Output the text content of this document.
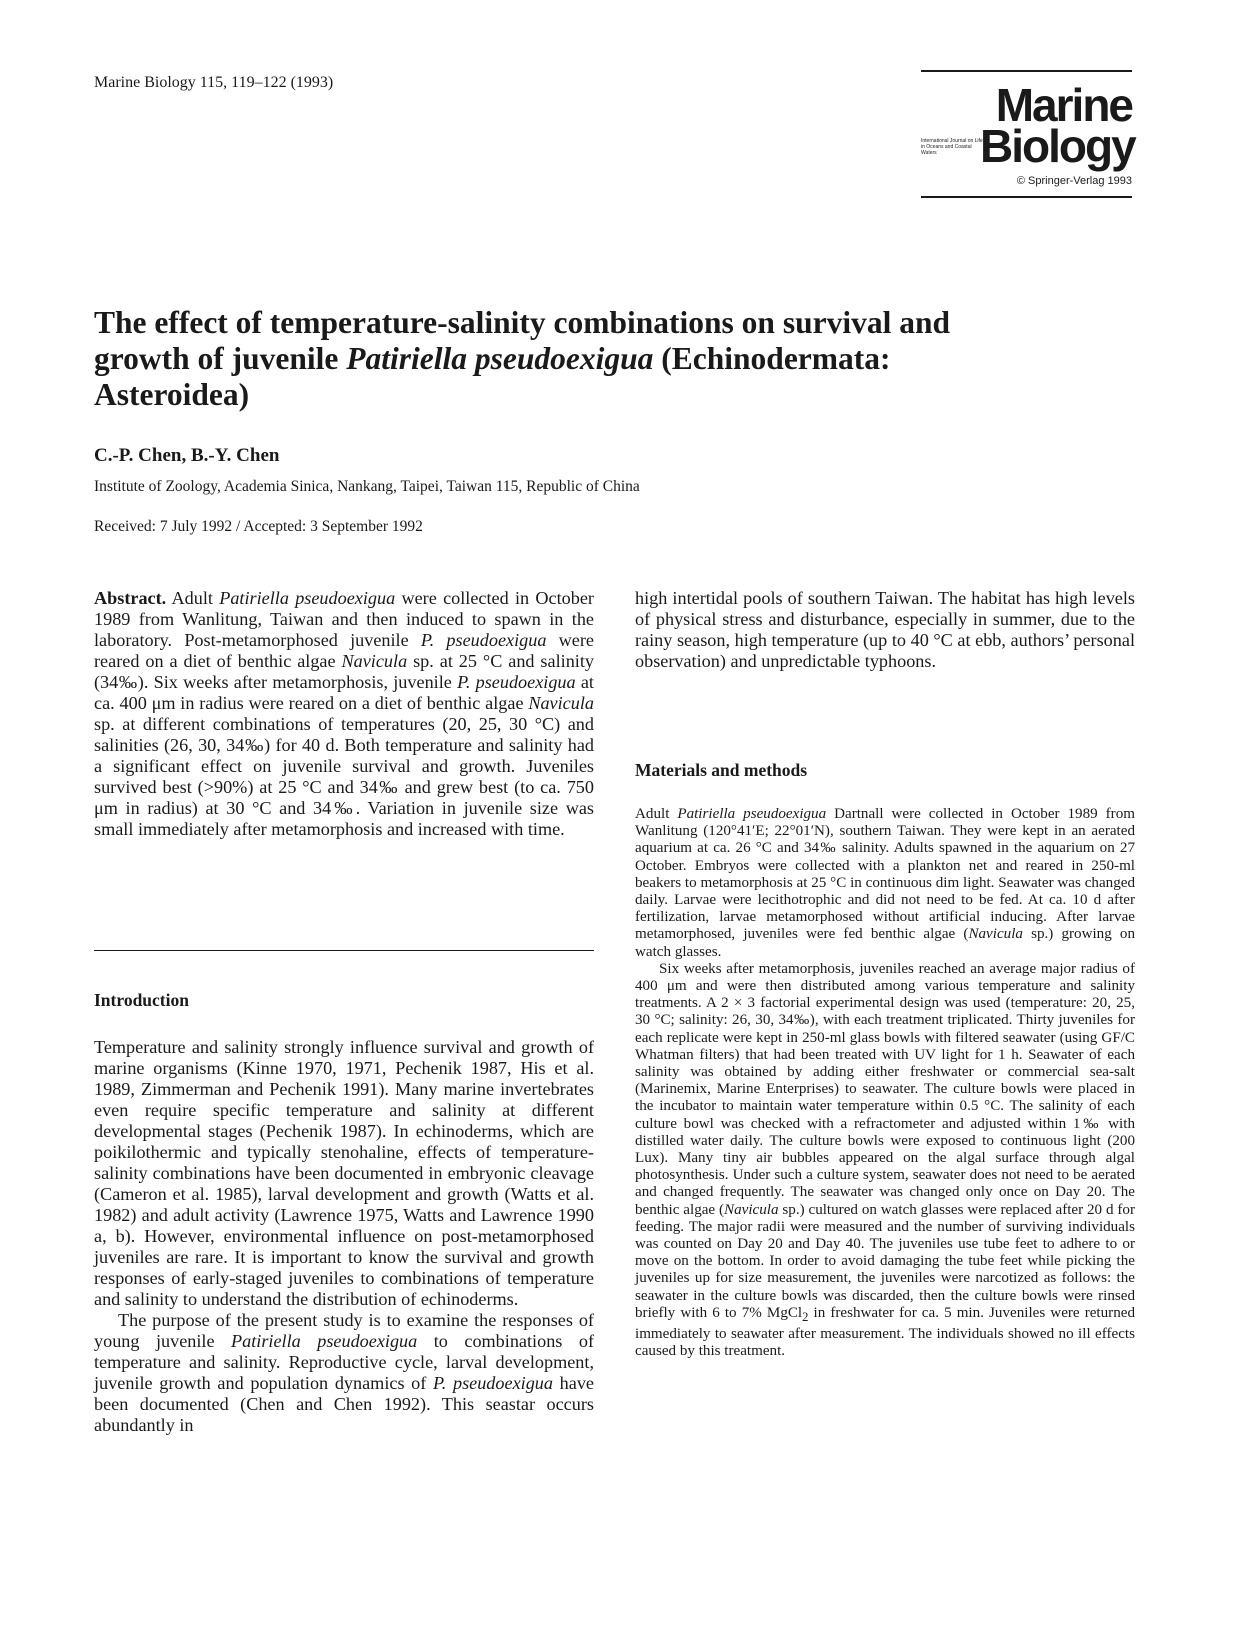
Marine Biology 115, 119–122 (1993)	Marine
International Journal on Life in Oceans and Coastal Waters Biology
© Springer-Verlag 1993
The effect of temperature-salinity combinations on survival and growth of juvenile Patiriella pseudoexigua (Echinodermata: Asteroidea)
C.-P. Chen, B.-Y. Chen
Institute of Zoology, Academia Sinica, Nankang, Taipei, Taiwan 115, Republic of China
Received: 7 July 1992 / Accepted: 3 September 1992
Abstract. Adult Patiriella pseudoexigua were collected in October 1989 from Wanlitung, Taiwan and then induced to spawn in the laboratory. Post-metamorphosed juvenile P. pseudoexigua were reared on a diet of benthic algae Navicula sp. at 25 °C and salinity (34‰). Six weeks after metamorphosis, juvenile P. pseudoexigua at ca. 400 μm in radius were reared on a diet of benthic algae Navicula sp. at different combinations of temperatures (20, 25, 30 °C) and salinities (26, 30, 34‰) for 40 d. Both temperature and salinity had a significant effect on juvenile survival and growth. Juveniles survived best (>90%) at 25 °C and 34‰ and grew best (to ca. 750 μm in radius) at 30 °C and 34‰. Variation in juvenile size was small immediately after metamorphosis and increased with time.
Introduction

Temperature and salinity strongly influence survival and growth of marine organisms (Kinne 1970, 1971, Pechenik 1987, His et al. 1989, Zimmerman and Pechenik 1991). Many marine invertebrates even require specific temperature and salinity at different developmental stages (Pechenik 1987). In echinoderms, which are poikilothermic and typically stenohaline, effects of temperature-salinity combinations have been documented in embryonic cleavage (Cameron et al. 1985), larval development and growth (Watts et al. 1982) and adult activity (Lawrence 1975, Watts and Lawrence 1990 a, b). However, environmental influence on post-metamorphosed juveniles are rare. It is important to know the survival and growth responses of early-staged juveniles to combinations of temperature and salinity to understand the distribution of echinoderms.

The purpose of the present study is to examine the responses of young juvenile Patiriella pseudoexigua to combinations of temperature and salinity. Reproductive cycle, larval development, juvenile growth and population dynamics of P. pseudoexigua have been documented (Chen and Chen 1992). This seastar occurs abundantly in

high intertidal pools of southern Taiwan. The habitat has high levels of physical stress and disturbance, especially in summer, due to the rainy season, high temperature (up to 40 °C at ebb, authors’ personal observation) and unpredictable typhoons.
Materials and methods

Adult Patiriella pseudoexigua Dartnall were collected in October 1989 from Wanlitung (120°41′E; 22°01′N), southern Taiwan. They were kept in an aerated aquarium at ca. 26 °C and 34‰ salinity. Adults spawned in the aquarium on 27 October. Embryos were collected with a plankton net and reared in 250-ml beakers to metamorphosis at 25 °C in continuous dim light. Seawater was changed daily. Larvae were lecithotrophic and did not need to be fed. At ca. 10 d after fertilization, larvae metamorphosed without artificial inducing. After larvae metamorphosed, juveniles were fed benthic algae (Navicula sp.) growing on watch glasses.

Six weeks after metamorphosis, juveniles reached an average major radius of 400 μm and were then distributed among various temperature and salinity treatments. A 2 × 3 factorial experimental design was used (temperature: 20, 25, 30 °C; salinity: 26, 30, 34‰), with each treatment triplicated. Thirty juveniles for each replicate were kept in 250-ml glass bowls with filtered seawater (using GF/C Whatman filters) that had been treated with UV light for 1 h. Seawater of each salinity was obtained by adding either freshwater or commercial sea-salt (Marinemix, Marine Enterprises) to seawater. The culture bowls were placed in the incubator to maintain water temperature within 0.5 °C. The salinity of each culture bowl was checked with a refractometer and adjusted within 1‰ with distilled water daily. The culture bowls were exposed to continuous light (200 Lux). Many tiny air bubbles appeared on the algal surface through algal photosynthesis. Under such a culture system, seawater does not need to be aerated and changed frequently. The seawater was changed only once on Day 20. The benthic algae (Navicula sp.) cultured on watch glasses were replaced after 20 d for feeding. The major radii were measured and the number of surviving individuals was counted on Day 20 and Day 40. The juveniles use tube feet to adhere to or move on the bottom. In order to avoid damaging the tube feet while picking the juveniles up for size measurement, the juveniles were narcotized as follows: the seawater in the culture bowls was discarded, then the culture bowls were rinsed briefly with 6 to 7% MgCl$_2$ in freshwater for ca. 5 min. Juveniles were returned immediately to seawater after measurement. The individuals showed no ill effects caused by this treatment.
